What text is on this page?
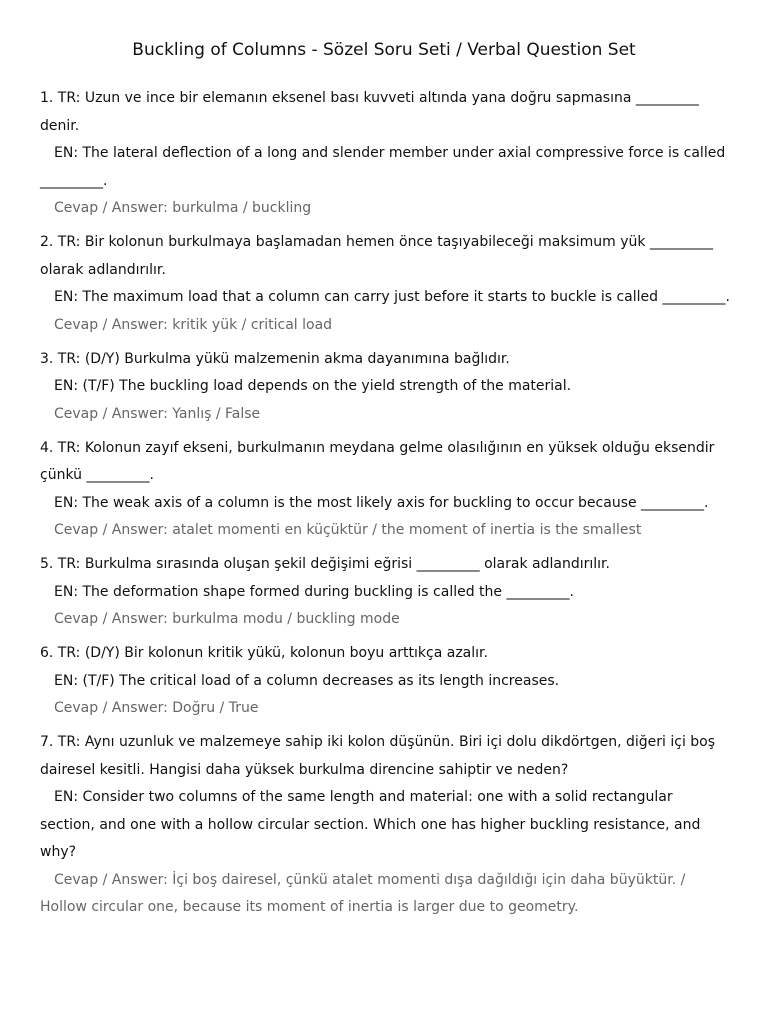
Buckling of Columns - Sözel Soru Seti / Verbal Question Set

1. TR: Uzun ve ince bir elemanın eksenel bası kuvveti altında yana doğru sapmasına _________ denir.

EN: The lateral deflection of a long and slender member under axial compressive force is called _________.

Cevap / Answer: burkulma / buckling

2. TR: Bir kolonun burkulmaya başlamadan hemen önce taşıyabileceği maksimum yük _________ olarak adlandırılır.

EN: The maximum load that a column can carry just before it starts to buckle is called _________.

Cevap / Answer: kritik yük / critical load

3. TR: (D/Y) Burkulma yükü malzemenin akma dayanımına bağlıdır.

EN: (T/F) The buckling load depends on the yield strength of the material.

Cevap / Answer: Yanlış / False

4. TR: Kolonun zayıf ekseni, burkulmanın meydana gelme olasılığının en yüksek olduğu eksendir çünkü _________.

EN: The weak axis of a column is the most likely axis for buckling to occur because _________.

Cevap / Answer: atalet momenti en küçüktür / the moment of inertia is the smallest

5. TR: Burkulma sırasında oluşan şekil değişimi eğrisi _________ olarak adlandırılır.

EN: The deformation shape formed during buckling is called the _________.

Cevap / Answer: burkulma modu / buckling mode

6. TR: (D/Y) Bir kolonun kritik yükü, kolonun boyu arttıkça azalır.

EN: (T/F) The critical load of a column decreases as its length increases.

Cevap / Answer: Doğru / True

7. TR: Aynı uzunluk ve malzemeye sahip iki kolon düşünün. Biri içi dolu dikdörtgen, diğeri içi boş dairesel kesitli. Hangisi daha yüksek burkulma direncine sahiptir ve neden?

EN: Consider two columns of the same length and material: one with a solid rectangular section, and one with a hollow circular section. Which one has higher buckling resistance, and why?

Cevap / Answer: İçi boş dairesel, çünkü atalet momenti dışa dağıldığı için daha büyüktür. / Hollow circular one, because its moment of inertia is larger due to geometry.
